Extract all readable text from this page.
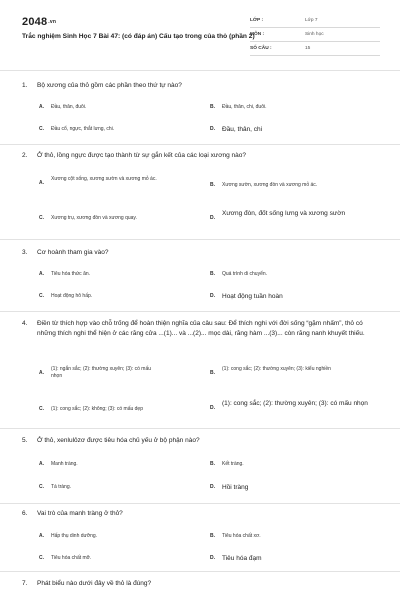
2048.vn
Trắc nghiệm Sinh Học 7 Bài 47: (có đáp án) Cấu tạo trong của thỏ (phần 2)
LỚP :	Lớp 7
MÔN :	Sinh học
SỐ CÂU :	15
1. Bộ xương của thỏ gồm các phần theo thứ tự nào?
A. Đầu, thân, đuôi.	B. Đầu, thân, chi, đuôi.
C. Đầu cổ, ngực, thắt lưng, chi.	D. Đầu, thân, chi
2. Ở thỏ, lồng ngực được tạo thành từ sự gắn kết của các loại xương nào?
A.
Xương cột sống, xương sườn và xương mỏ ác.
B. Xương sườn, xương đòn và xương mỏ ác.
C. Xương trụ, xương đòn và xương quay.	D.
Xương đòn, đốt sống lưng và xương sườn
3. Cơ hoành tham gia vào?
A. Tiêu hóa thức ăn.	B. Quá trình di chuyển.
C. Hoạt động hô hấp.	D. Hoạt động tuần hoàn
4. Điền từ thích hợp vào chỗ trống để hoàn thiện nghĩa của câu sau: Để thích nghi với đời sống “gặm nhấm”, thỏ có những thích nghi thể hiện ở các răng cửa ...(1)... và ...(2)... mọc dài, răng hàm ...(3)... còn răng nanh khuyết thiếu.
A.
(1): ngắn sắc; (2): thường xuyên; (3): có mấu nhọn	B.
(1): cong sắc; (2): thường xuyên; (3): kiểu nghiền
C. (1): cong sắc; (2): không; (3): có mấu dẹp	D.
(1): cong sắc; (2): thường xuyên; (3): có mấu nhọn
5. Ở thỏ, xenlulôzơ được tiêu hóa chủ yếu ở bộ phận nào?
A. Manh tràng.	B. Kết tràng.
C. Tá tràng.	D. Hồi tràng
6. Vai trò của manh tràng ở thỏ?
A. Hấp thụ dinh dưỡng.	B. Tiêu hóa chất xơ.
C. Tiêu hóa chất mỡ.	D. Tiêu hóa đạm
7. Phát biểu nào dưới đây về thỏ là đúng?
